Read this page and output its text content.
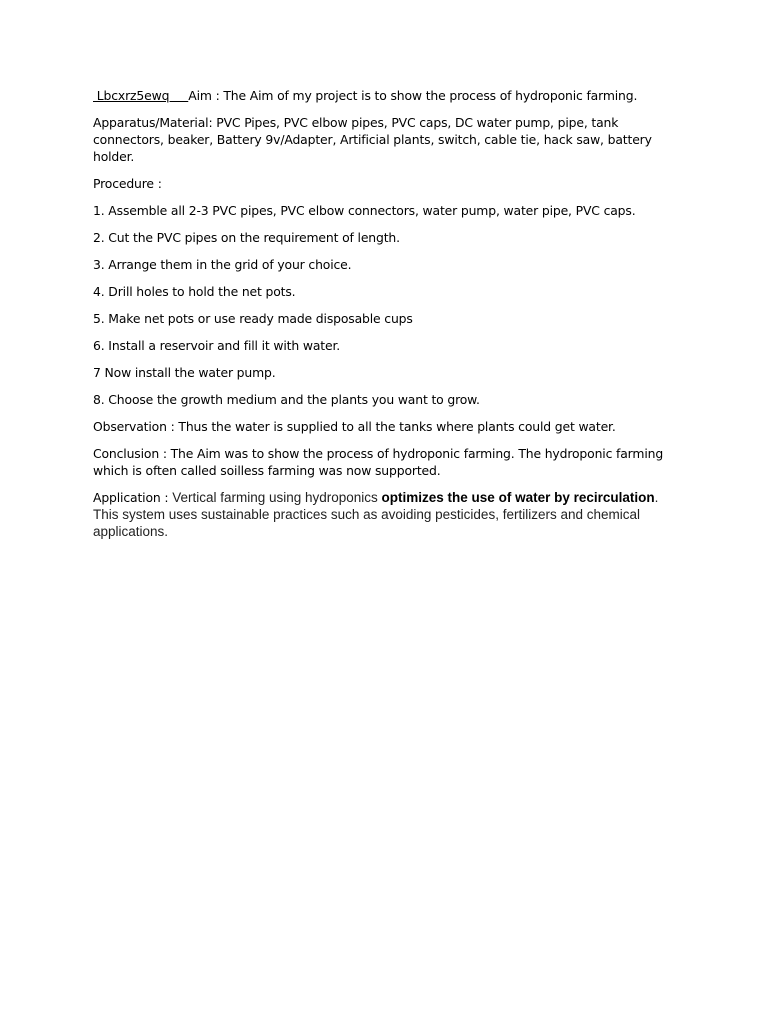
Lbcxrz5ewq     Aim : The Aim of my project is to show the process of hydroponic farming.

Apparatus/Material: PVC Pipes, PVC elbow pipes, PVC caps, DC water pump, pipe, tank connectors, beaker, Battery 9v/Adapter, Artificial plants, switch, cable tie, hack saw, battery holder.

Procedure :

1. Assemble all 2-3 PVC pipes, PVC elbow connectors, water pump, water pipe, PVC caps.

2. Cut the PVC pipes on the requirement of length.

3. Arrange them in the grid of your choice.

4. Drill holes to hold the net pots.

5. Make net pots or use ready made disposable cups

6. Install a reservoir and fill it with water.

7 Now install the water pump.

8. Choose the growth medium and the plants you want to grow.

Observation : Thus the water is supplied to all the tanks where plants could get water.

Conclusion : The Aim was to show the process of hydroponic farming. The hydroponic farming which is often called soilless farming was now supported.

Application : Vertical farming using hydroponics optimizes the use of water by recirculation. This system uses sustainable practices such as avoiding pesticides, fertilizers and chemical applications.
